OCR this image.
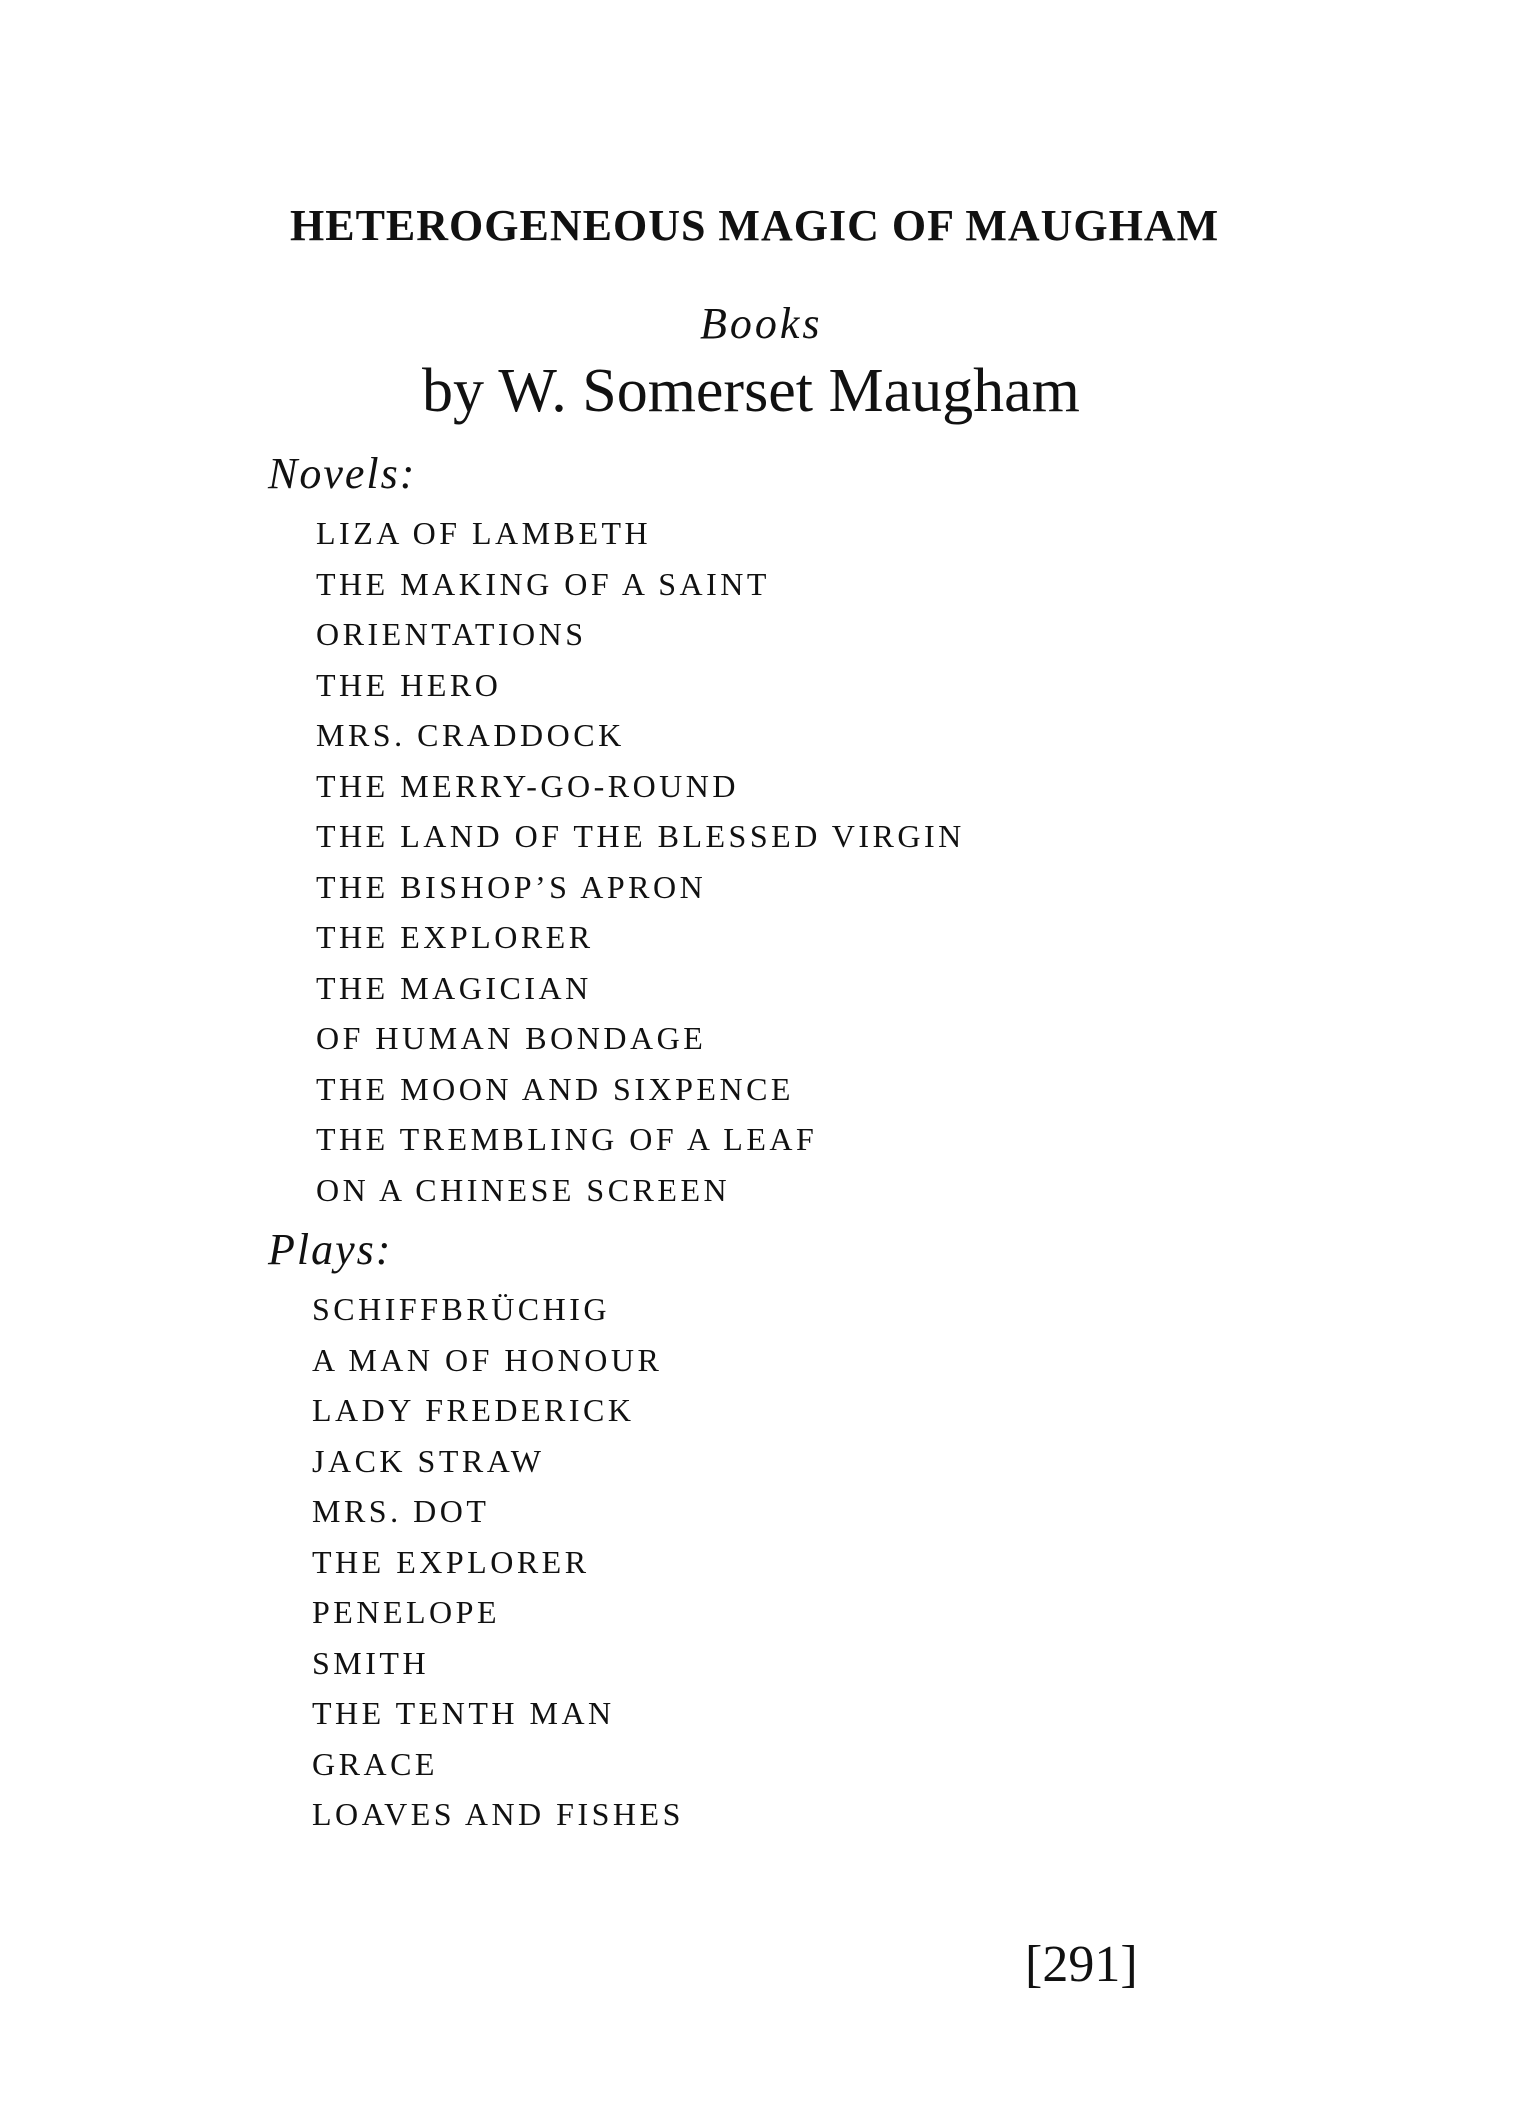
HETEROGENEOUS MAGIC OF MAUGHAM
Books
by W. Somerset Maugham
Novels:
LIZA OF LAMBETH
THE MAKING OF A SAINT
ORIENTATIONS
THE HERO
MRS. CRADDOCK
THE MERRY-GO-ROUND
THE LAND OF THE BLESSED VIRGIN
THE BISHOP’S APRON
THE EXPLORER
THE MAGICIAN
OF HUMAN BONDAGE
THE MOON AND SIXPENCE
THE TREMBLING OF A LEAF
ON A CHINESE SCREEN
Plays:
SCHIFFBRÜCHIG
A MAN OF HONOUR
LADY FREDERICK
JACK STRAW
MRS. DOT
THE EXPLORER
PENELOPE
SMITH
THE TENTH MAN
GRACE
LOAVES AND FISHES
[291]
